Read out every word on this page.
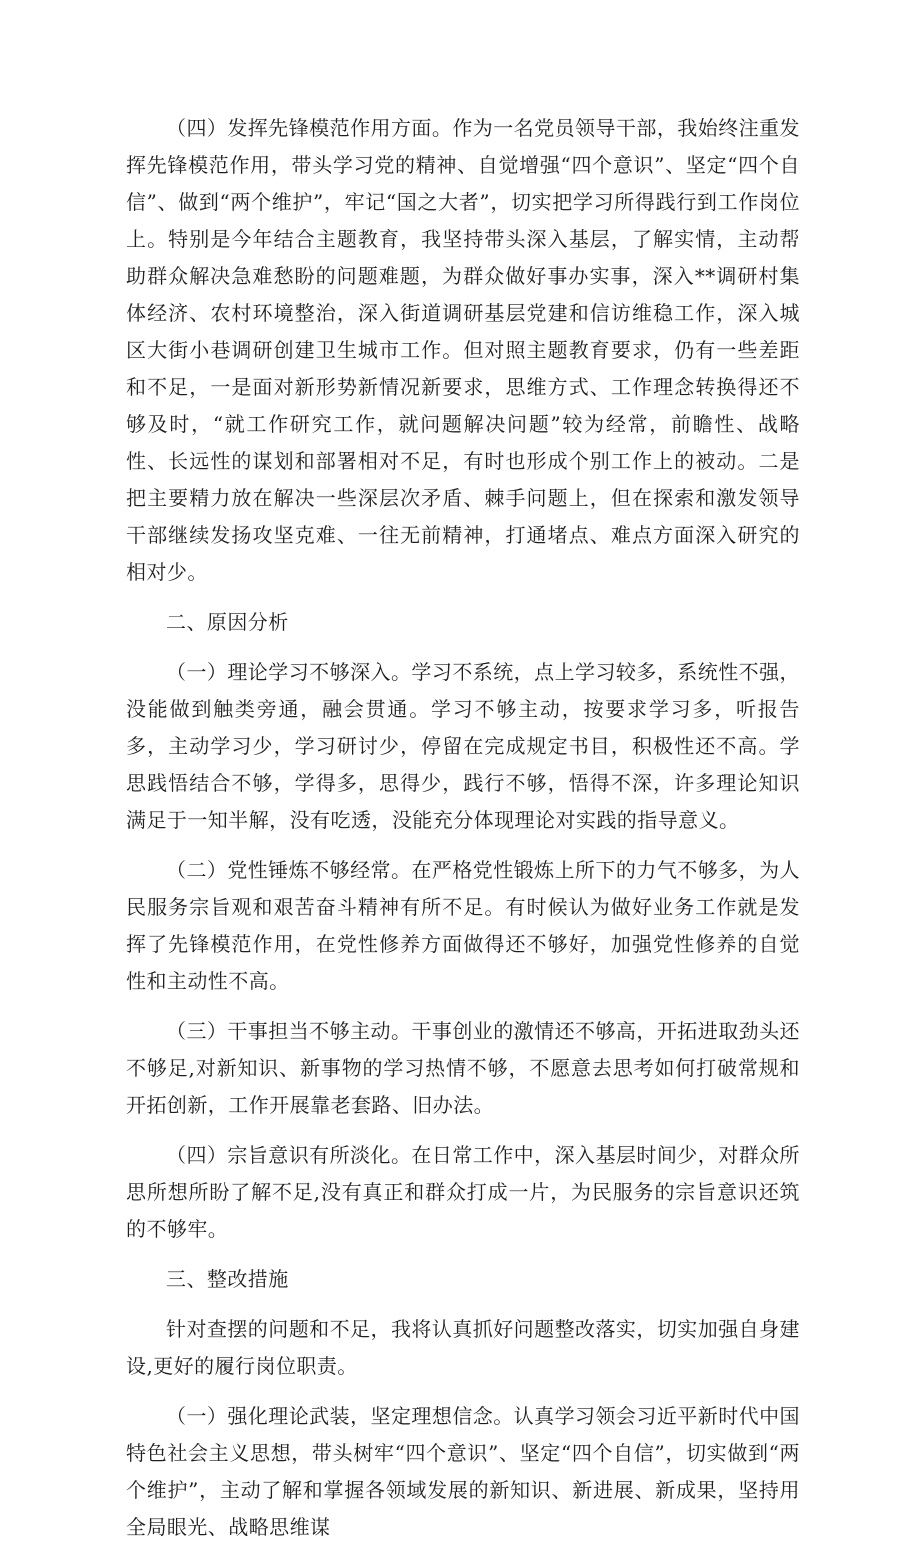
（四）发挥先锋模范作用方面。作为一名党员领导干部，我始终注重发挥先锋模范作用，带头学习党的精神、自觉增强“四个意识”、坚定“四个自信”、做到“两个维护”，牢记“国之大者”，切实把学习所得践行到工作岗位上。特别是今年结合主题教育，我坚持带头深入基层，了解实情，主动帮助群众解决急难愁盼的问题难题，为群众做好事办实事，深入**调研村集体经济、农村环境整治，深入街道调研基层党建和信访维稳工作，深入城区大街小巷调研创建卫生城市工作。但对照主题教育要求，仍有一些差距和不足，一是面对新形势新情况新要求，思维方式、工作理念转换得还不够及时，“就工作研究工作，就问题解决问题”较为经常，前瞻性、战略性、长远性的谋划和部署相对不足，有时也形成个别工作上的被动。二是把主要精力放在解决一些深层次矛盾、棘手问题上，但在探索和激发领导干部继续发扬攻坚克难、一往无前精神，打通堵点、难点方面深入研究的相对少。

二、原因分析

（一）理论学习不够深入。学习不系统，点上学习较多，系统性不强，没能做到触类旁通，融会贯通。学习不够主动，按要求学习多，听报告多，主动学习少，学习研讨少，停留在完成规定书目，积极性还不高。学思践悟结合不够，学得多，思得少，践行不够，悟得不深，许多理论知识满足于一知半解，没有吃透，没能充分体现理论对实践的指导意义。

（二）党性锤炼不够经常。在严格党性锻炼上所下的力气不够多，为人民服务宗旨观和艰苦奋斗精神有所不足。有时候认为做好业务工作就是发挥了先锋模范作用，在党性修养方面做得还不够好，加强党性修养的自觉性和主动性不高。

（三）干事担当不够主动。干事创业的激情还不够高，开拓进取劲头还不够足,对新知识、新事物的学习热情不够，不愿意去思考如何打破常规和开拓创新，工作开展靠老套路、旧办法。

（四）宗旨意识有所淡化。在日常工作中，深入基层时间少，对群众所思所想所盼了解不足,没有真正和群众打成一片，为民服务的宗旨意识还筑的不够牢。

三、整改措施

针对查摆的问题和不足，我将认真抓好问题整改落实，切实加强自身建设,更好的履行岗位职责。

（一）强化理论武装，坚定理想信念。认真学习领会习近平新时代中国特色社会主义思想，带头树牢“四个意识”、坚定“四个自信”，切实做到“两个维护”，主动了解和掌握各领域发展的新知识、新进展、新成果，坚持用全局眼光、战略思维谋
